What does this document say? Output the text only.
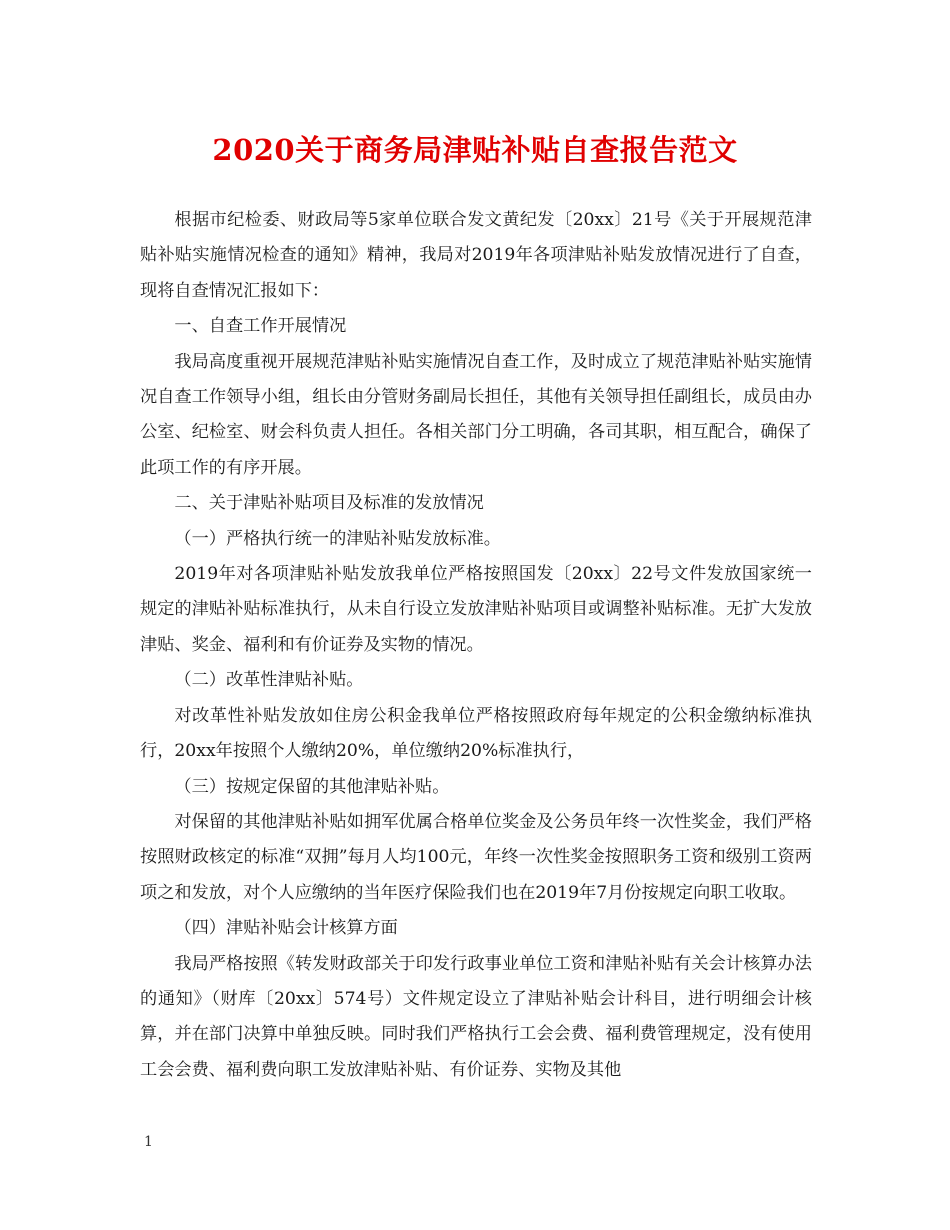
2020关于商务局津贴补贴自查报告范文

根据市纪检委、财政局等5家单位联合发文黄纪发〔20xx〕21号《关于开展规范津贴补贴实施情况检查的通知》精神，我局对2019年各项津贴补贴发放情况进行了自查，现将自查情况汇报如下：

一、自查工作开展情况

我局高度重视开展规范津贴补贴实施情况自查工作，及时成立了规范津贴补贴实施情况自查工作领导小组，组长由分管财务副局长担任，其他有关领导担任副组长，成员由办公室、纪检室、财会科负责人担任。各相关部门分工明确，各司其职，相互配合，确保了此项工作的有序开展。

二、关于津贴补贴项目及标准的发放情况

（一）严格执行统一的津贴补贴发放标准。

2019年对各项津贴补贴发放我单位严格按照国发〔20xx〕22号文件发放国家统一规定的津贴补贴标准执行，从未自行设立发放津贴补贴项目或调整补贴标准。无扩大发放津贴、奖金、福利和有价证券及实物的情况。

（二）改革性津贴补贴。

对改革性补贴发放如住房公积金我单位严格按照政府每年规定的公积金缴纳标准执行，20xx年按照个人缴纳20%，单位缴纳20%标准执行，

（三）按规定保留的其他津贴补贴。

对保留的其他津贴补贴如拥军优属合格单位奖金及公务员年终一次性奖金，我们严格按照财政核定的标准“双拥”每月人均100元，年终一次性奖金按照职务工资和级别工资两项之和发放，对个人应缴纳的当年医疗保险我们也在2019年7月份按规定向职工收取。

（四）津贴补贴会计核算方面

我局严格按照《转发财政部关于印发行政事业单位工资和津贴补贴有关会计核算办法的通知》（财库〔20xx〕574号）文件规定设立了津贴补贴会计科目，进行明细会计核算，并在部门决算中单独反映。同时我们严格执行工会会费、福利费管理规定，没有使用工会会费、福利费向职工发放津贴补贴、有价证券、实物及其他

1
